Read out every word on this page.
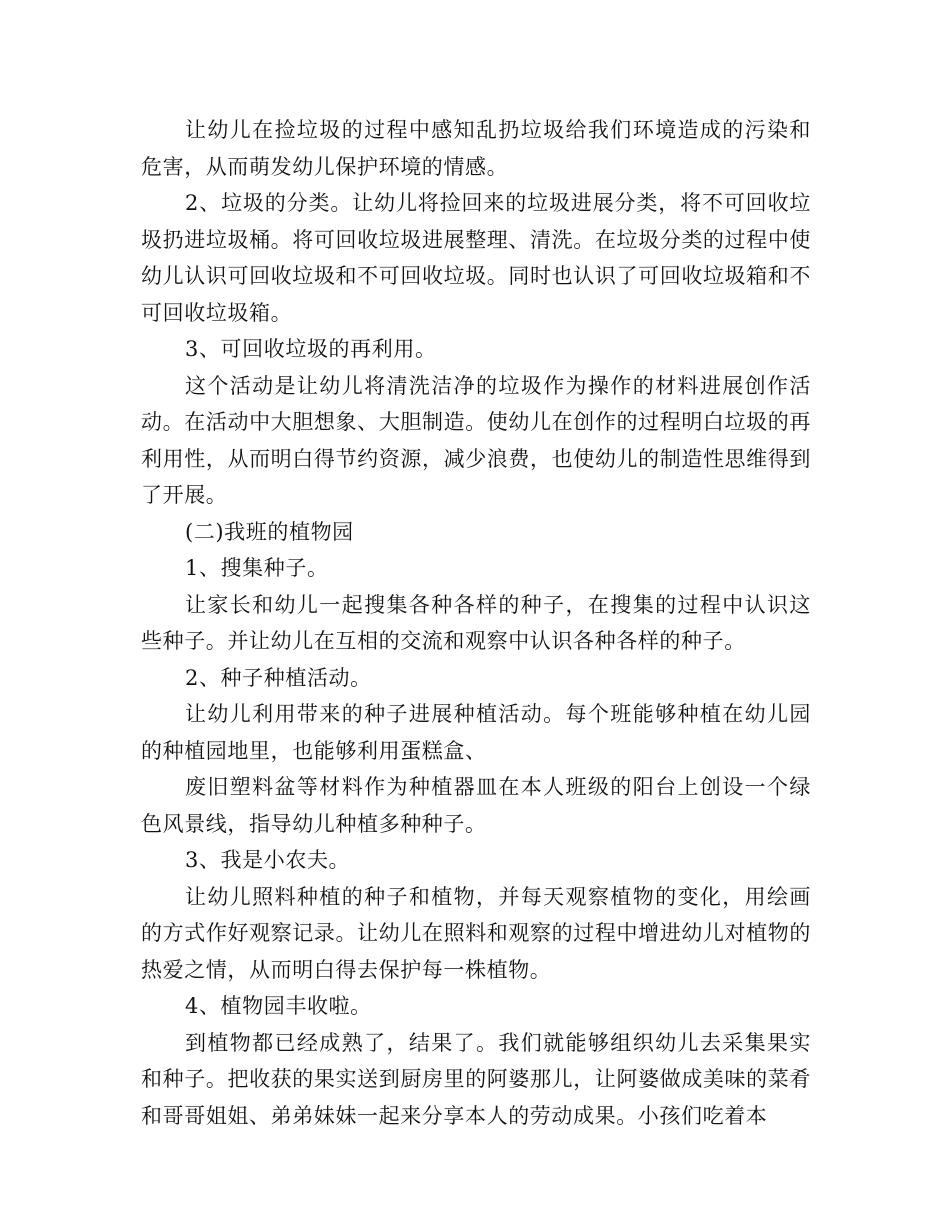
让幼儿在捡垃圾的过程中感知乱扔垃圾给我们环境造成的污染和危害，从而萌发幼儿保护环境的情感。

2、垃圾的分类。让幼儿将捡回来的垃圾进展分类，将不可回收垃圾扔进垃圾桶。将可回收垃圾进展整理、清洗。在垃圾分类的过程中使幼儿认识可回收垃圾和不可回收垃圾。同时也认识了可回收垃圾箱和不可回收垃圾箱。

3、可回收垃圾的再利用。

这个活动是让幼儿将清洗洁净的垃圾作为操作的材料进展创作活动。在活动中大胆想象、大胆制造。使幼儿在创作的过程明白垃圾的再利用性，从而明白得节约资源，减少浪费，也使幼儿的制造性思维得到了开展。

(二)我班的植物园

1、搜集种子。

让家长和幼儿一起搜集各种各样的种子，在搜集的过程中认识这些种子。并让幼儿在互相的交流和观察中认识各种各样的种子。

2、种子种植活动。

让幼儿利用带来的种子进展种植活动。每个班能够种植在幼儿园的种植园地里，也能够利用蛋糕盒、

废旧塑料盆等材料作为种植器皿在本人班级的阳台上创设一个绿色风景线，指导幼儿种植多种种子。

3、我是小农夫。

让幼儿照料种植的种子和植物，并每天观察植物的变化，用绘画的方式作好观察记录。让幼儿在照料和观察的过程中增进幼儿对植物的热爱之情，从而明白得去保护每一株植物。

4、植物园丰收啦。

到植物都已经成熟了，结果了。我们就能够组织幼儿去采集果实和种子。把收获的果实送到厨房里的阿婆那儿，让阿婆做成美味的菜肴和哥哥姐姐、弟弟妹妹一起来分享本人的劳动成果。小孩们吃着本
